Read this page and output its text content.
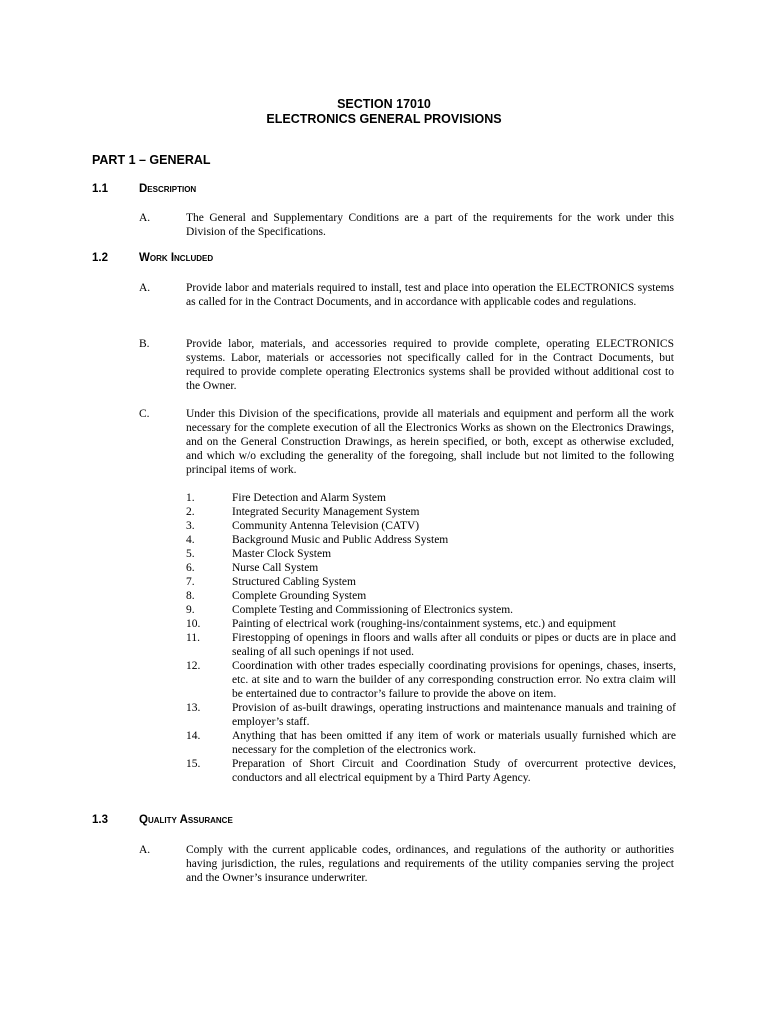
SECTION 17010
ELECTRONICS GENERAL PROVISIONS
PART 1 – GENERAL
1.1	Description
A.	The General and Supplementary Conditions are a part of the requirements for the work under this Division of the Specifications.
1.2	Work Included
A.	Provide labor and materials required to install, test and place into operation the ELECTRONICS systems as called for in the Contract Documents, and in accordance with applicable codes and regulations.
B.	Provide labor, materials, and accessories required to provide complete, operating ELECTRONICS systems. Labor, materials or accessories not specifically called for in the Contract Documents, but required to provide complete operating Electronics systems shall be provided without additional cost to the Owner.
C.	Under this Division of the specifications, provide all materials and equipment and perform all the work necessary for the complete execution of all the Electronics Works as shown on the Electronics Drawings, and on the General Construction Drawings, as herein specified, or both, except as otherwise excluded, and which w/o excluding the generality of the foregoing, shall include but not limited to the following principal items of work.
1.	Fire Detection and Alarm System
2.	Integrated Security Management System
3.	Community Antenna Television (CATV)
4.	Background Music and Public Address System
5.	Master Clock System
6.	Nurse Call System
7.	Structured Cabling System
8.	Complete Grounding System
9.	Complete Testing and Commissioning of Electronics system.
10.	Painting of electrical work (roughing-ins/containment systems, etc.) and equipment
11.	Firestopping of openings in floors and walls after all conduits or pipes or ducts are in place and sealing of all such openings if not used.
12.	Coordination with other trades especially coordinating provisions for openings, chases, inserts, etc. at site and to warn the builder of any corresponding construction error. No extra claim will be entertained due to contractor’s failure to provide the above on item.
13.	Provision of as-built drawings, operating instructions and maintenance manuals and training of employer’s staff.
14.	Anything that has been omitted if any item of work or materials usually furnished which are necessary for the completion of the electronics work.
15.	Preparation of Short Circuit and Coordination Study of overcurrent protective devices, conductors and all electrical equipment by a Third Party Agency.
1.3	Quality Assurance
A.	Comply with the current applicable codes, ordinances, and regulations of the authority or authorities having jurisdiction, the rules, regulations and requirements of the utility companies serving the project and the Owner’s insurance underwriter.
